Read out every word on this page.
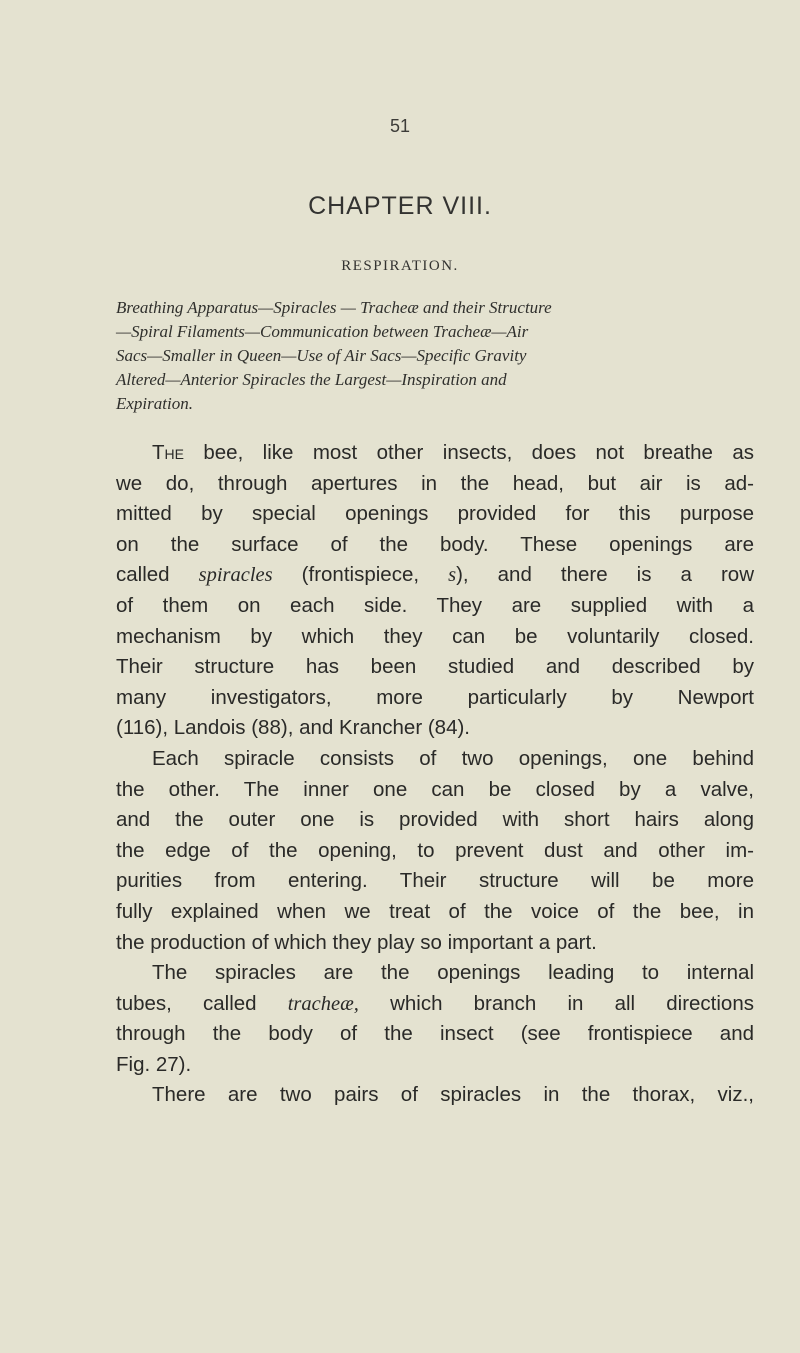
51
CHAPTER VIII.
RESPIRATION.
Breathing Apparatus—Spiracles — Tracheæ and their Structure
—Spiral Filaments—Communication between Tracheæ—Air
Sacs—Smaller in Queen—Use of Air Sacs—Specific Gravity
Altered—Anterior Spiracles the Largest—Inspiration and
Expiration.
The bee, like most other insects, does not breathe as
we do, through apertures in the head, but air is ad-
mitted by special openings provided for this purpose
on the surface of the body. These openings are
called spiracles (frontispiece, s), and there is a row
of them on each side. They are supplied with a
mechanism by which they can be voluntarily closed.
Their structure has been studied and described by
many investigators, more particularly by Newport
(116), Landois (88), and Krancher (84).
Each spiracle consists of two openings, one behind
the other. The inner one can be closed by a valve,
and the outer one is provided with short hairs along
the edge of the opening, to prevent dust and other im-
purities from entering. Their structure will be more
fully explained when we treat of the voice of the bee, in
the production of which they play so important a part.
The spiracles are the openings leading to internal
tubes, called tracheæ, which branch in all directions
through the body of the insect (see frontispiece and
Fig. 27).
There are two pairs of spiracles in the thorax, viz.,
